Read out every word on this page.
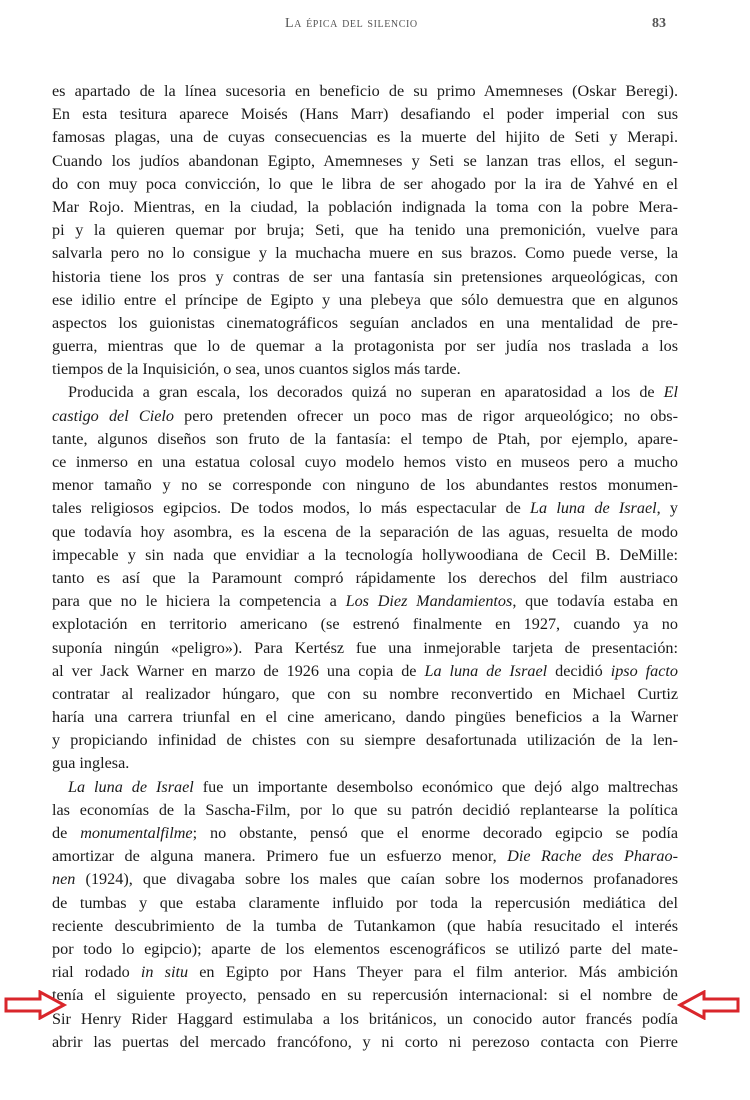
La épica del silencio	83
es apartado de la línea sucesoria en beneficio de su primo Amemneses (Oskar Beregi).
En esta tesitura aparece Moisés (Hans Marr) desafiando el poder imperial con sus
famosas plagas, una de cuyas consecuencias es la muerte del hijito de Seti y Merapi.
Cuando los judíos abandonan Egipto, Amemneses y Seti se lanzan tras ellos, el segun-
do con muy poca convicción, lo que le libra de ser ahogado por la ira de Yahvé en el
Mar Rojo. Mientras, en la ciudad, la población indignada la toma con la pobre Mera-
pi y la quieren quemar por bruja; Seti, que ha tenido una premonición, vuelve para
salvarla pero no lo consigue y la muchacha muere en sus brazos. Como puede verse, la
historia tiene los pros y contras de ser una fantasía sin pretensiones arqueológicas, con
ese idilio entre el príncipe de Egipto y una plebeya que sólo demuestra que en algunos
aspectos los guionistas cinematográficos seguían anclados en una mentalidad de pre-
guerra, mientras que lo de quemar a la protagonista por ser judía nos traslada a los
tiempos de la Inquisición, o sea, unos cuantos siglos más tarde.
Producida a gran escala, los decorados quizá no superan en aparatosidad a los de El
castigo del Cielo pero pretenden ofrecer un poco mas de rigor arqueológico; no obs-
tante, algunos diseños son fruto de la fantasía: el tempo de Ptah, por ejemplo, apare-
ce inmerso en una estatua colosal cuyo modelo hemos visto en museos pero a mucho
menor tamaño y no se corresponde con ninguno de los abundantes restos monumen-
tales religiosos egipcios. De todos modos, lo más espectacular de La luna de Israel, y
que todavía hoy asombra, es la escena de la separación de las aguas, resuelta de modo
impecable y sin nada que envidiar a la tecnología hollywoodiana de Cecil B. DeMille:
tanto es así que la Paramount compró rápidamente los derechos del film austriaco
para que no le hiciera la competencia a Los Diez Mandamientos, que todavía estaba en
explotación en territorio americano (se estrenó finalmente en 1927, cuando ya no
suponía ningún «peligro»). Para Kertész fue una inmejorable tarjeta de presentación:
al ver Jack Warner en marzo de 1926 una copia de La luna de Israel decidió ipso facto
contratar al realizador húngaro, que con su nombre reconvertido en Michael Curtiz
haría una carrera triunfal en el cine americano, dando pingües beneficios a la Warner
y propiciando infinidad de chistes con su siempre desafortunada utilización de la len-
gua inglesa.
La luna de Israel fue un importante desembolso económico que dejó algo maltrechas
las economías de la Sascha-Film, por lo que su patrón decidió replantearse la política
de monumentalfilme; no obstante, pensó que el enorme decorado egipcio se podía
amortizar de alguna manera. Primero fue un esfuerzo menor, Die Rache des Pharao-
nen (1924), que divagaba sobre los males que caían sobre los modernos profanadores
de tumbas y que estaba claramente influido por toda la repercusión mediática del
reciente descubrimiento de la tumba de Tutankamon (que había resucitado el interés
por todo lo egipcio); aparte de los elementos escenográficos se utilizó parte del mate-
rial rodado in situ en Egipto por Hans Theyer para el film anterior. Más ambición
tenía el siguiente proyecto, pensado en su repercusión internacional: si el nombre de
Sir Henry Rider Haggard estimulaba a los británicos, un conocido autor francés podía
abrir las puertas del mercado francófono, y ni corto ni perezoso contacta con Pierre
